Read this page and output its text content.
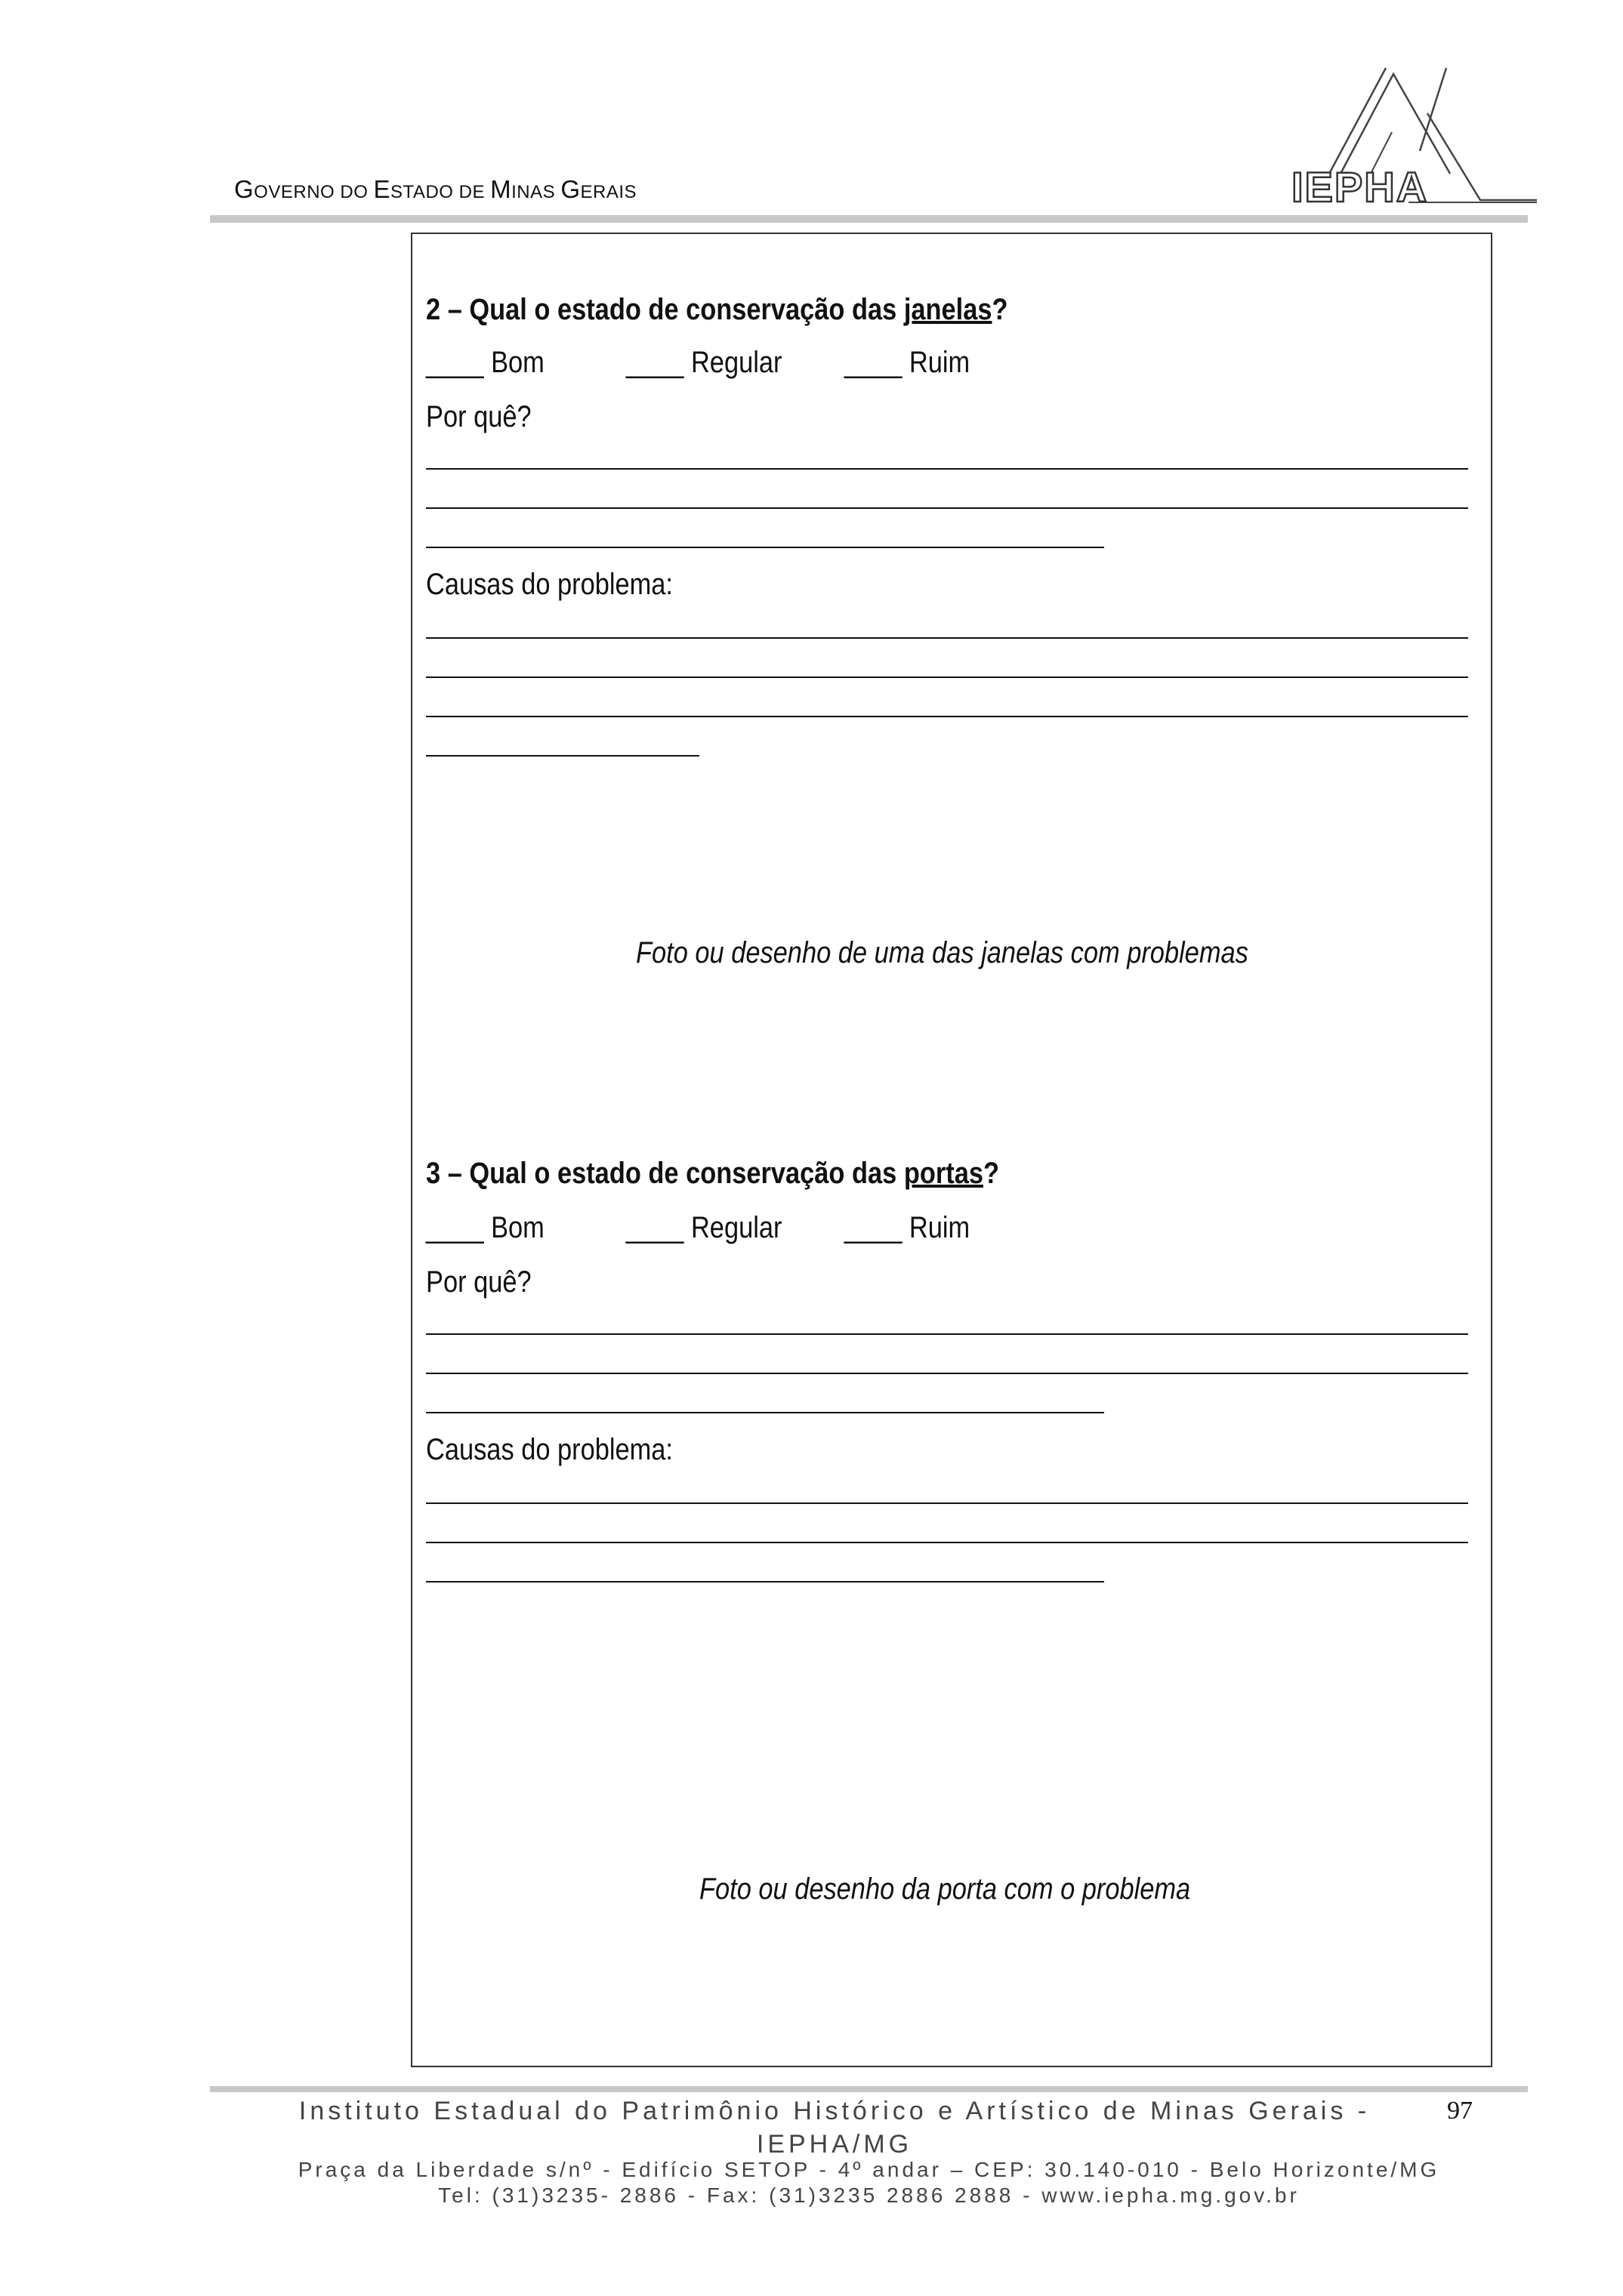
GOVERNO DO ESTADO DE MINAS GERAIS	IEPHA
2 – Qual o estado de conservação das janelas?
____ Bom	____ Regular ____ Ruim
Por quê?
Causas do problema:
Foto ou desenho de uma das janelas com problemas
3 – Qual o estado de conservação das portas?
____ Bom	____ Regular ____ Ruim
Por quê?
Causas do problema:
Foto ou desenho da porta com o problema
Instituto Estadual do Patrimônio Histórico e Artístico de Minas Gerais -
IEPHA/MG
97
Praça da Liberdade s/nº - Edifício SETOP - 4º andar – CEP: 30.140-010 - Belo Horizonte/MG
Tel: (31)3235- 2886 - Fax: (31)3235 2886 2888 - www.iepha.mg.gov.br
